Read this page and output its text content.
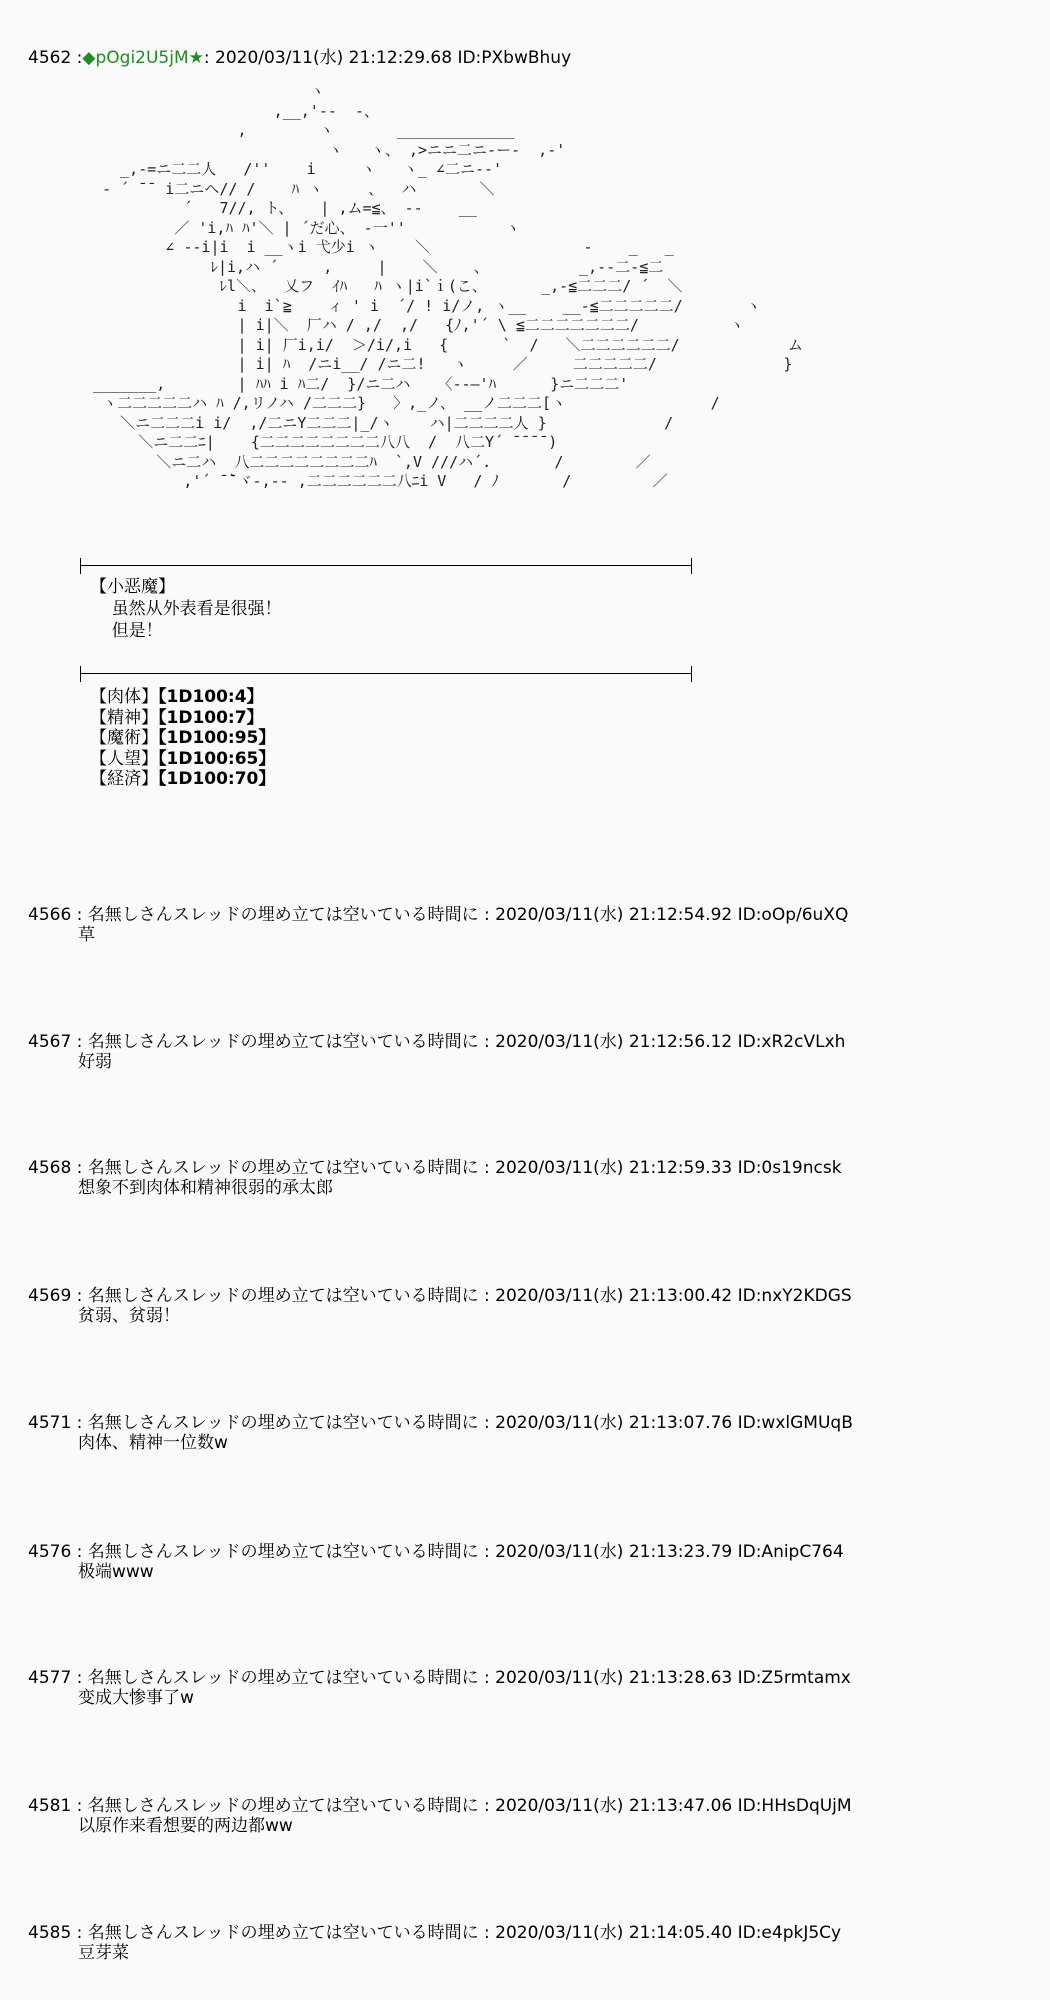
4562 :◆pOgi2U5jM★: 2020/03/11(水) 21:12:29.68 ID:PXbwBhuy
ヽ
,__,'‐-  ‐、
,        ヽ       _____________
ヽ   ヽ、 ,>ニニ二ニ‐ー‐  ,-'
_,‐=ニ二二人   /''    i     ヽ   ヽ_ ∠二ニ-‐'
- ´ ̄ ̄  i二ニヘ// /    ﾊ ヽ     、  ハ       ＼
´   7//, ト、   | ,ム=≦、 ‐‐    __
／ 'i,ﾊ ﾊ'＼ | ´だ心、 ‐一''           ヽ
∠ --i|i  i __ヽi 弋少i ヽ    ＼                 ‐    _   _
ﾚ|i,ハ ´     ,     |    ＼    、          _,-‐二-≦二
ﾚl＼、  乂フ  ｲﾊ   ﾊ ヽ|i`ｉ(こ、      _,-≦二二二/ ´  ＼
i  i`≧    ィ ' i  ´/ ! i/ノ, ヽ__    __-≦二二二二二/       ヽ
| i|＼  厂ハ / ,/  ,/   {ﾉ,'´ \ ≦二二二二二二二/          ヽ
| i| 厂i,i/  ＞/i/,i   {      `  /   ＼二二二二二二/            ム
| i| ﾊ  /ニi__/ /ニ二!   ヽ     ／     二二二二二/              }
_______,        | ﾊﾊ i ﾊ二/  }/ニ二ハ   〈‐‐―'ﾊ      }ニ二二二'
ヽ二二二二二ハ ﾊ /,リノハ /二二二}   〉,_ノ、 __ノ二二二[ヽ                /
＼ニ二二二i i/  ,/二ニY二二二|_/ヽ    ハ|二二二二人 }             /
＼ニ二二ﾆ|    {二二二二二二二二八八  /  八二Y´ ̄ ̄ ̄ ̄ )
＼ニ二ハ  八二二二二二二二二ﾊ  `,V ///ハ´.       /        ／
,'´ ̄ ̄`ヾ-,‐‐ ,二二二二二二八ﾆi V   / ﾉ       /         ／
【小恶魔】
虽然从外表看是很强！
但是！
【肉体】【1D100:4】
【精神】【1D100:7】
【魔術】【1D100:95】
【人望】【1D100:65】
【経済】【1D100:70】
4566 : 名無しさんスレッドの埋め立ては空いている時間に : 2020/03/11(水) 21:12:54.92 ID:oOp/6uXQ
草
4567 : 名無しさんスレッドの埋め立ては空いている時間に : 2020/03/11(水) 21:12:56.12 ID:xR2cVLxh
好弱
4568 : 名無しさんスレッドの埋め立ては空いている時間に : 2020/03/11(水) 21:12:59.33 ID:0s19ncsk
想象不到肉体和精神很弱的承太郎
4569 : 名無しさんスレッドの埋め立ては空いている時間に : 2020/03/11(水) 21:13:00.42 ID:nxY2KDGS
贫弱、贫弱！
4571 : 名無しさんスレッドの埋め立ては空いている時間に : 2020/03/11(水) 21:13:07.76 ID:wxlGMUqB
肉体、精神一位数w
4576 : 名無しさんスレッドの埋め立ては空いている時間に : 2020/03/11(水) 21:13:23.79 ID:AnipC764
极端www
4577 : 名無しさんスレッドの埋め立ては空いている時間に : 2020/03/11(水) 21:13:28.63 ID:Z5rmtamx
变成大惨事了w
4581 : 名無しさんスレッドの埋め立ては空いている時間に : 2020/03/11(水) 21:13:47.06 ID:HHsDqUjM
以原作来看想要的两边都ww
4585 : 名無しさんスレッドの埋め立ては空いている時間に : 2020/03/11(水) 21:14:05.40 ID:e4pkJ5Cy
豆芽菜
